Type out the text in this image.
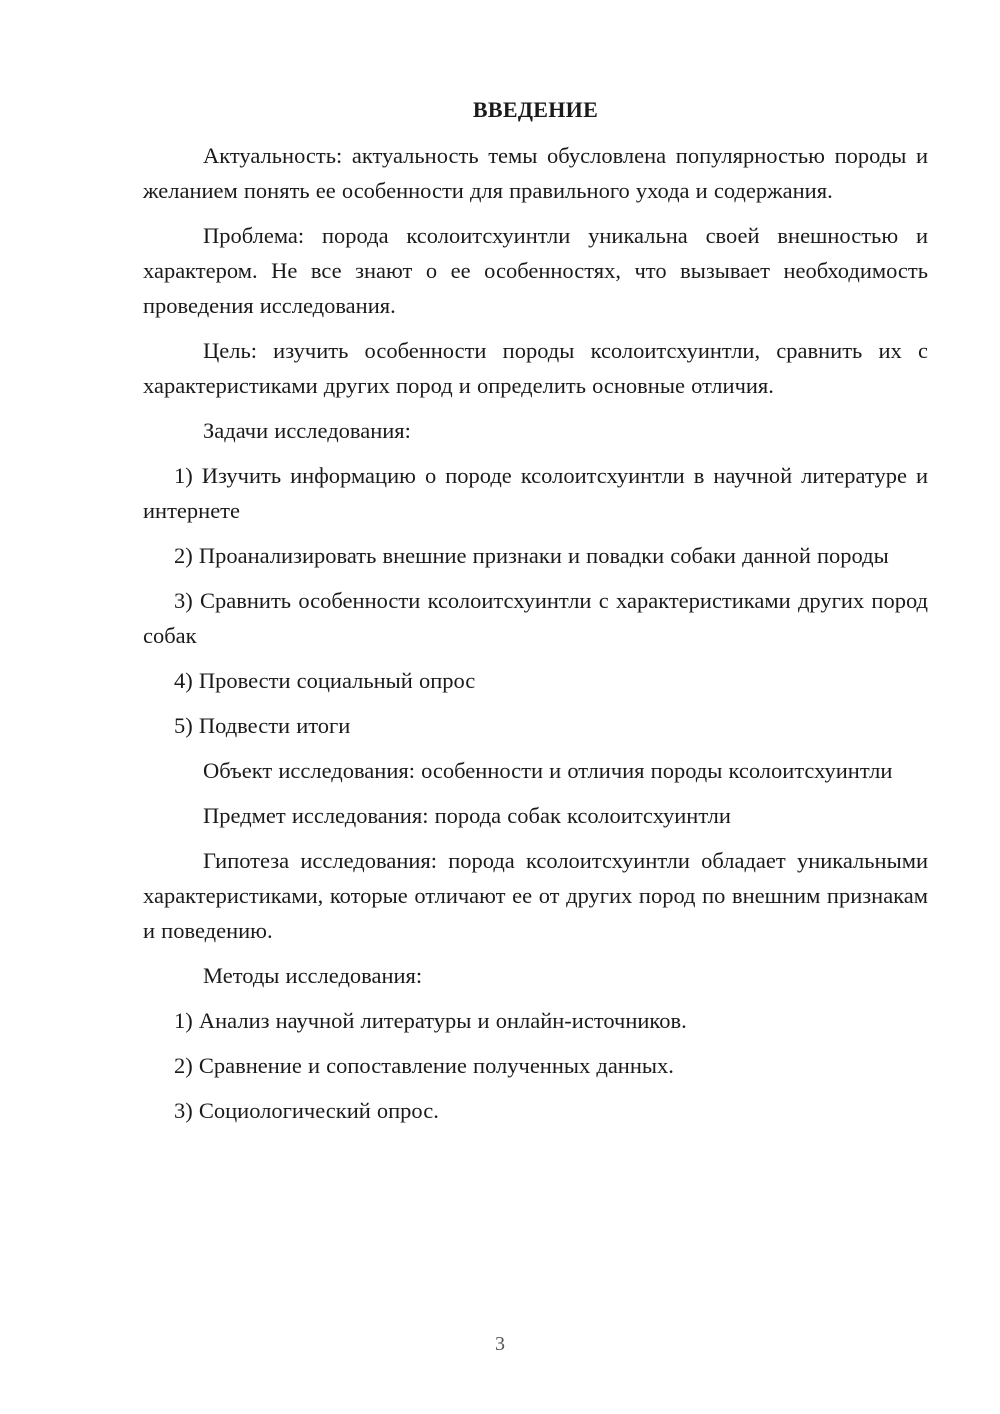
ВВЕДЕНИЕ

Актуальность: актуальность темы обусловлена популярностью породы и желанием понять ее особенности для правильного ухода и содержания.

Проблема: порода ксолоитсхуинтли уникальна своей внешностью и характером. Не все знают о ее особенностях, что вызывает необходимость проведения исследования.

Цель: изучить особенности породы ксолоитсхуинтли, сравнить их с характеристиками других пород и определить основные отличия.

Задачи исследования:

1) Изучить информацию о породе ксолоитсхуинтли в научной литературе и интернете

2) Проанализировать внешние признаки и повадки собаки данной породы

3) Сравнить особенности ксолоитсхуинтли с характеристиками других пород собак

4) Провести социальный опрос

5) Подвести итоги

Объект исследования: особенности и отличия породы ксолоитсхуинтли

Предмет исследования: порода собак ксолоитсхуинтли

Гипотеза исследования: порода ксолоитсхуинтли обладает уникальными характеристиками, которые отличают ее от других пород по внешним признакам и поведению.

Методы исследования:

1) Анализ научной литературы и онлайн-источников.

2) Сравнение и сопоставление полученных данных.

3) Социологический опрос.

3
